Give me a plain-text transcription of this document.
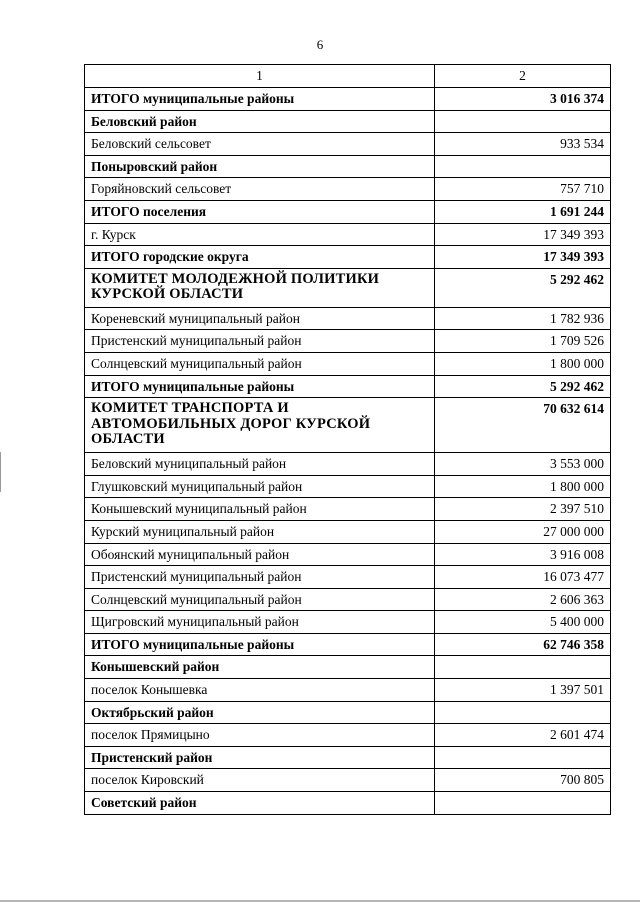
6
1	2
ИТОГО муниципальные районы	3 016 374
Беловский район	
Беловский сельсовет	933 534
Поныровский район	
Горяйновский сельсовет	757 710
ИТОГО поселения	1 691 244
г. Курск	17 349 393
ИТОГО городские округа	17 349 393
КОМИТЕТ МОЛОДЕЖНОЙ ПОЛИТИКИ КУРСКОЙ ОБЛАСТИ	5 292 462
Кореневский муниципальный район	1 782 936
Пристенский муниципальный район	1 709 526
Солнцевский муниципальный район	1 800 000
ИТОГО муниципальные районы	5 292 462
КОМИТЕТ ТРАНСПОРТА И АВТОМОБИЛЬНЫХ ДОРОГ КУРСКОЙ ОБЛАСТИ	70 632 614
Беловский муниципальный район	3 553 000
Глушковский муниципальный район	1 800 000
Конышевский муниципальный район	2 397 510
Курский муниципальный район	27 000 000
Обоянский муниципальный район	3 916 008
Пристенский муниципальный район	16 073 477
Солнцевский муниципальный район	2 606 363
Щигровский муниципальный район	5 400 000
ИТОГО муниципальные районы	62 746 358
Конышевский район	
поселок Конышевка	1 397 501
Октябрьский район	
поселок Прямицыно	2 601 474
Пристенский район	
поселок Кировский	700 805
Советский район	
